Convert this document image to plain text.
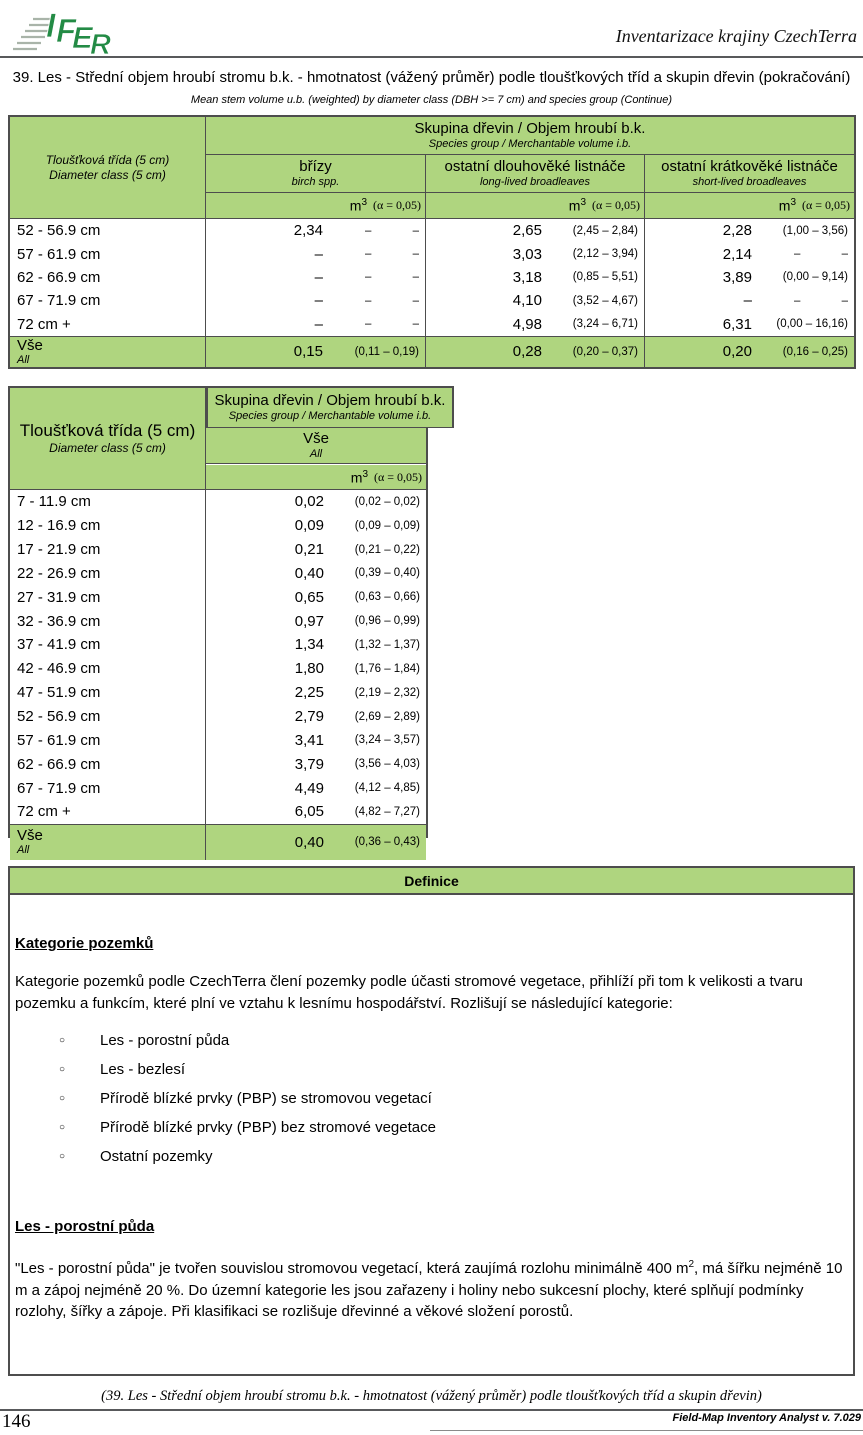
I F
E
R	Inventarizace krajiny CzechTerra
39. Les - Střední objem hroubí stromu b.k. - hmotnatost (vážený průměr) podle tloušťkových tříd a skupin dřevin (pokračování)
Mean stem volume u.b. (weighted) by diameter class (DBH >= 7 cm) and species group (Continue)
Tloušťková třída (5 cm)
Diameter class (5 cm)
Skupina dřevin / Objem hroubí b.k.
Species group / Merchantable volume i.b.
břízy
birch spp.
ostatní dlouhověké listnáče
long-lived broadleaves
ostatní krátkověké listnáče
short-lived broadleaves
$m^3$ (α = 0,05)	$m^3$ (α = 0,05)	$m^3$ (α = 0,05)
52 - 56.9 cm	2,34	–	–	2,65	(2,45 – 2,84)	2,28	(1,00 – 3,56)
57 - 61.9 cm	–	–	–	3,03	(2,12 – 3,94)	2,14	–	–
62 - 66.9 cm	–	–	–	3,18	(0,85 – 5,51)	3,89	(0,00 – 9,14)
67 - 71.9 cm	–	–	–	4,10	(3,52 – 4,67)	–	–	–
72 cm +	–	–	–	4,98	(3,24 – 6,71)	6,31	(0,00 – 16,16)
Vše
All	0,15	(0,11 – 0,19)	0,28	(0,20 – 0,37)	0,20	(0,16 – 0,25)
Skupina dřevin / Objem hroubí b.k.
Species group / Merchantable volume i.b.
Tloušťková třída (5 cm)
Diameter class (5 cm)
Vše
All
$m^3$ (α = 0,05)
7 - 11.9 cm	0,02	(0,02 – 0,02)
12 - 16.9 cm	0,09	(0,09 – 0,09)
17 - 21.9 cm	0,21	(0,21 – 0,22)
22 - 26.9 cm	0,40	(0,39 – 0,40)
27 - 31.9 cm	0,65	(0,63 – 0,66)
32 - 36.9 cm	0,97	(0,96 – 0,99)
37 - 41.9 cm	1,34	(1,32 – 1,37)
42 - 46.9 cm	1,80	(1,76 – 1,84)
47 - 51.9 cm	2,25	(2,19 – 2,32)
52 - 56.9 cm	2,79	(2,69 – 2,89)
57 - 61.9 cm	3,41	(3,24 – 3,57)
62 - 66.9 cm	3,79	(3,56 – 4,03)
67 - 71.9 cm	4,49	(4,12 – 4,85)
72 cm +	6,05	(4,82 – 7,27)
Vše
All	0,40	(0,36 – 0,43)
Definice
Kategorie pozemků
Kategorie pozemků podle CzechTerra člení pozemky podle účasti stromové vegetace, přihlíží při tom k velikosti a tvaru pozemku a funkcím, které plní ve vztahu k lesnímu hospodářství. Rozlišují se následující kategorie:
○	Les - porostní půda
○	Les - bezlesí
○	Přírodě blízké prvky (PBP) se stromovou vegetací
○	Přírodě blízké prvky (PBP) bez stromové vegetace
○	Ostatní pozemky
Les - porostní půda
"Les - porostní půda" je tvořen souvislou stromovou vegetací, která zaujímá rozlohu minimálně 400 $m^2$, má šířku nejméně 10 m a zápoj nejméně 20 %. Do územní kategorie les jsou zařazeny i holiny nebo sukcesní plochy, které splňují podmínky rozlohy, šířky a zápoje. Při klasifikaci se rozlišuje dřevinné a věkové složení porostů.
(39. Les - Střední objem hroubí stromu b.k. - hmotnatost (vážený průměr) podle tloušťkových tříd a skupin dřevin)
146	Field-Map Inventory Analyst v. 7.029
